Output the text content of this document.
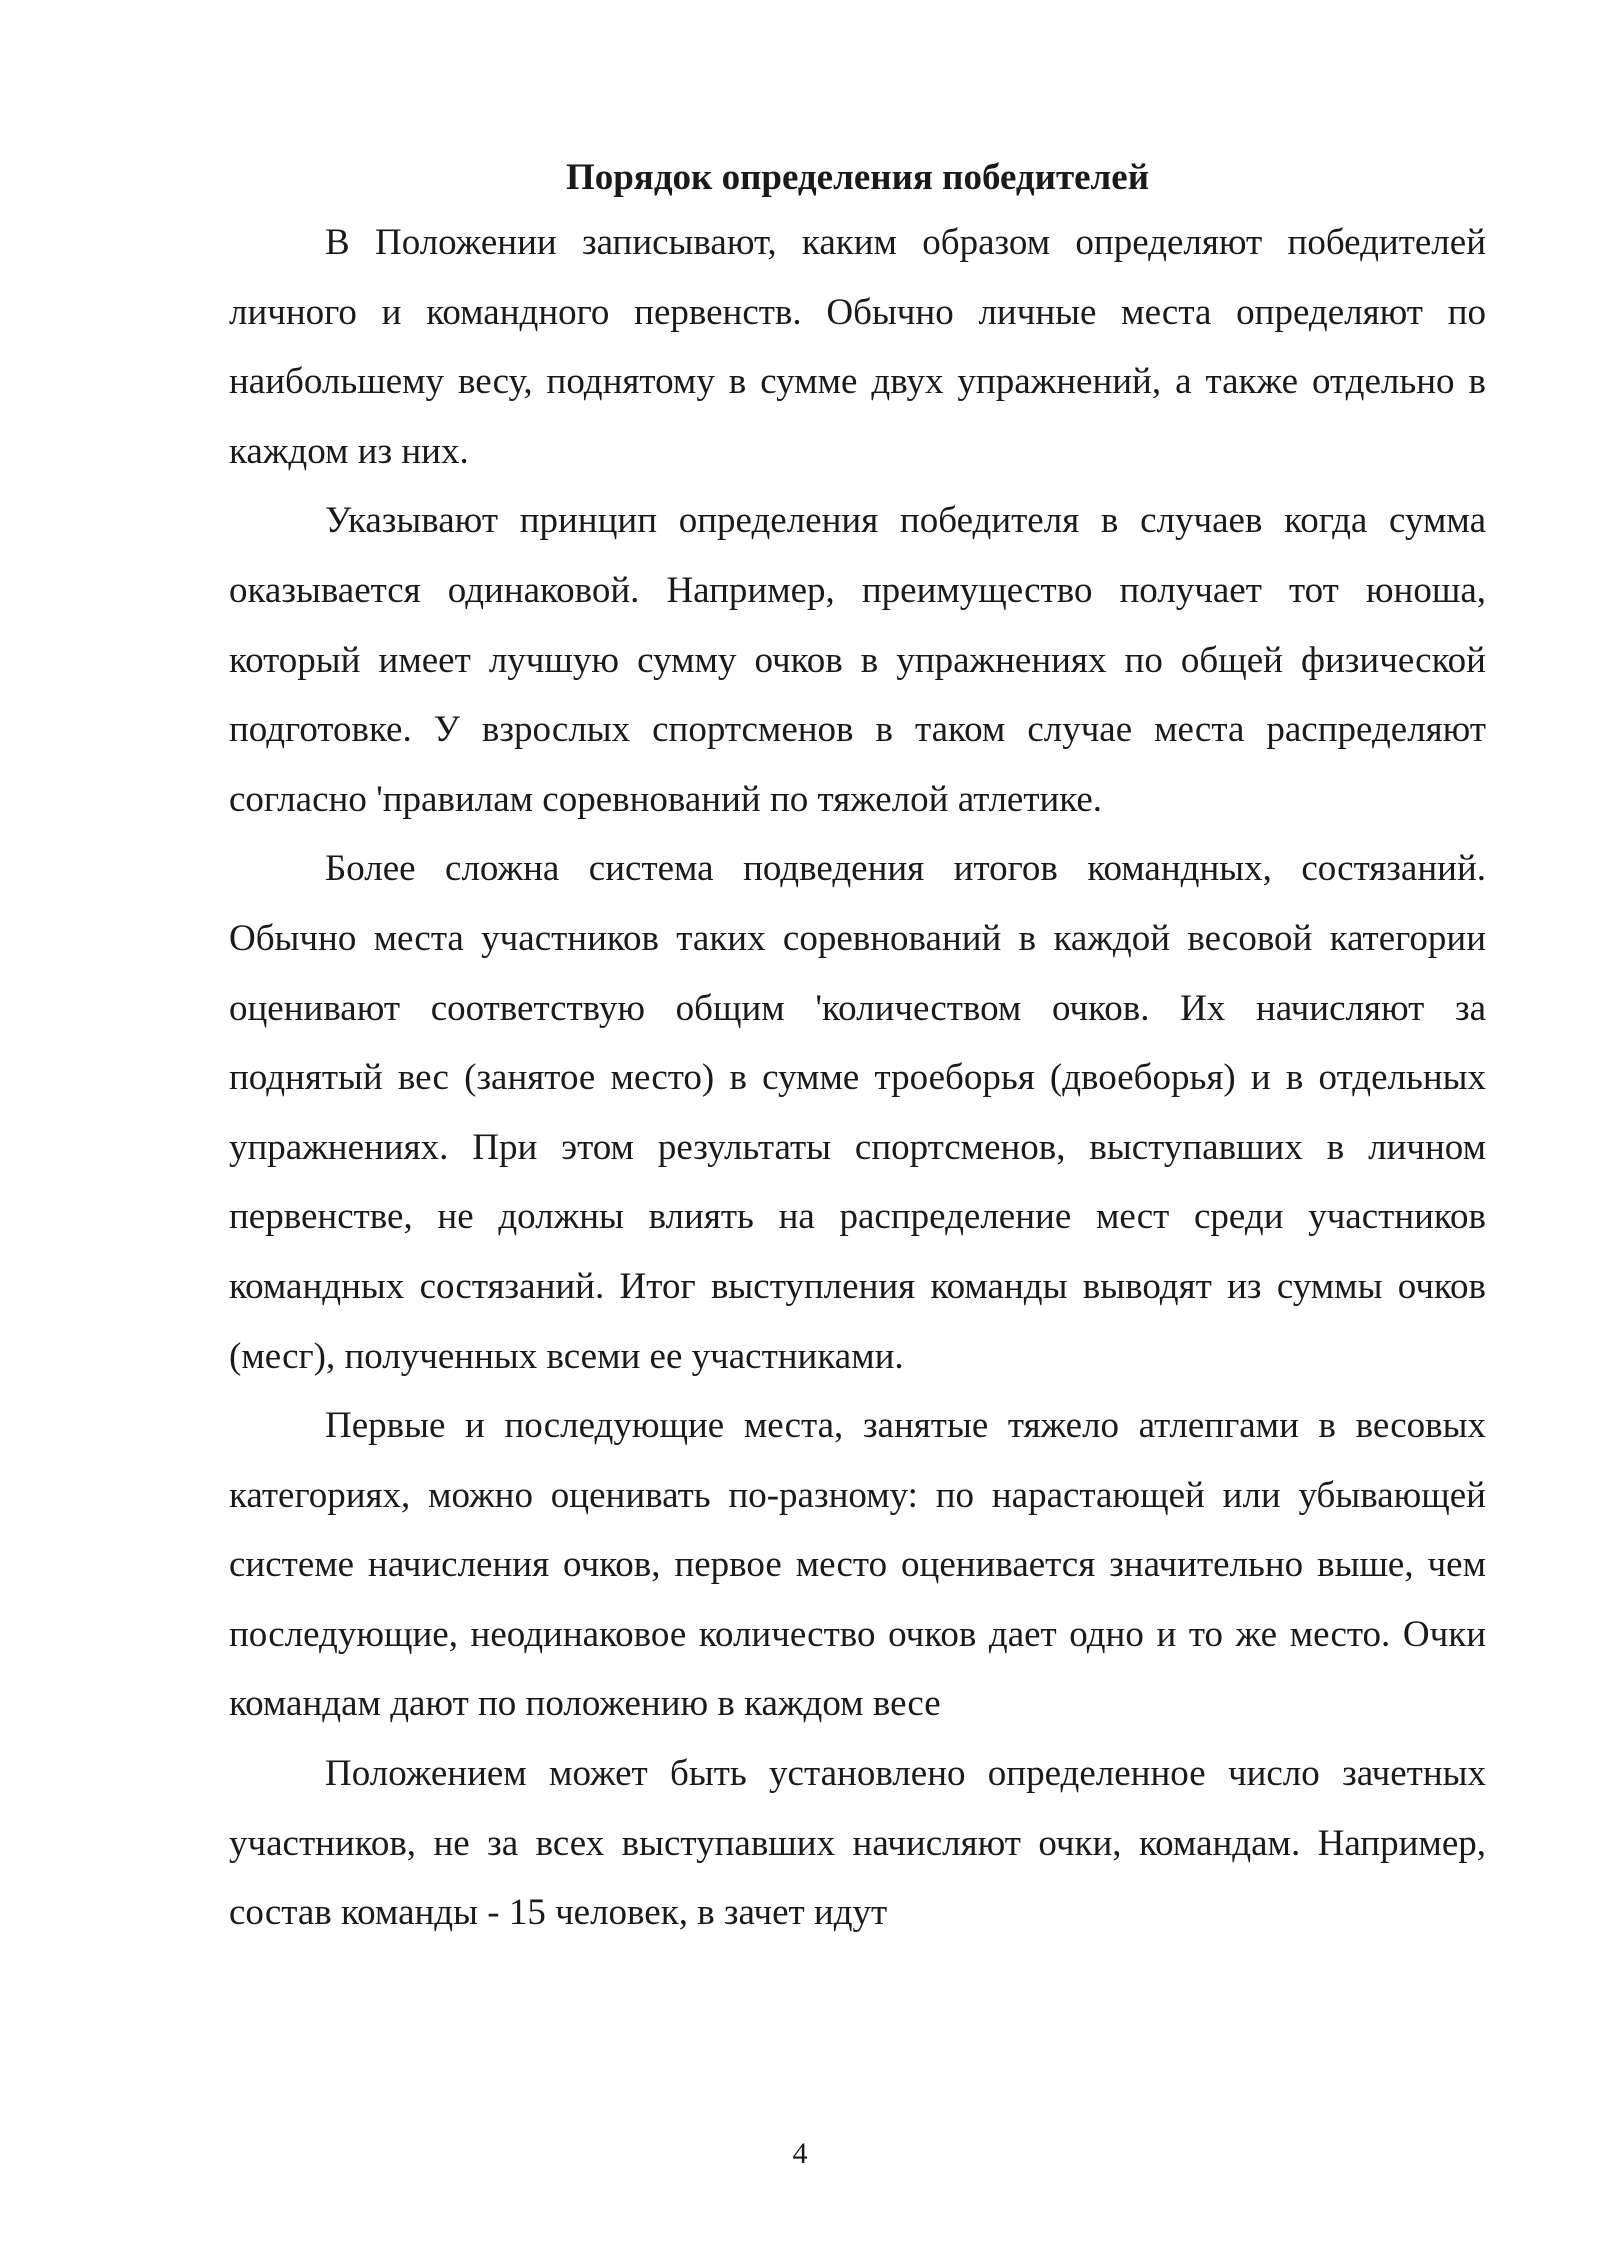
Порядок определения победителей

В Положении записывают, каким образом определяют победителей личного и командного первенств. Обычно личные места определяют по наибольшему весу, поднятому в сумме двух упражнений, а также отдельно в каждом из них.

Указывают принцип определения победителя в случаев когда сумма оказывается одинаковой. Например, преимущество получает тот юноша, который имеет лучшую сумму очков в упражнениях по общей физической подготовке. У взрослых спортсменов в таком случае места распределяют согласно 'правилам соревнований по тяжелой атлетике.

Более сложна система подведения итогов командных, состязаний. Обычно места участников таких соревнований в каждой весовой категории оценивают соответствую общим 'количеством очков. Их начисляют за поднятый вес (занятое место) в сумме троеборья (двоеборья) и в отдельных упражнениях. При этом результаты спортсменов, выступавших в личном первенстве, не должны влиять на распределение мест среди участников командных состязаний. Итог выступления команды выводят из суммы очков (месг), полученных всеми ее участниками.

Первые и последующие места, занятые тяжело атлепгами в весовых категориях, можно оценивать по-разному: по нарастающей или убывающей системе начисления очков, первое место оценивается значительно выше, чем последующие, неодинаковое количество очков дает одно и то же место. Очки командам дают по положению в каждом весе

Положением может быть установлено определенное число зачетных участников, не за всех выступавших начисляют очки, командам. Например, состав команды - 15 человек, в зачет идут

4
